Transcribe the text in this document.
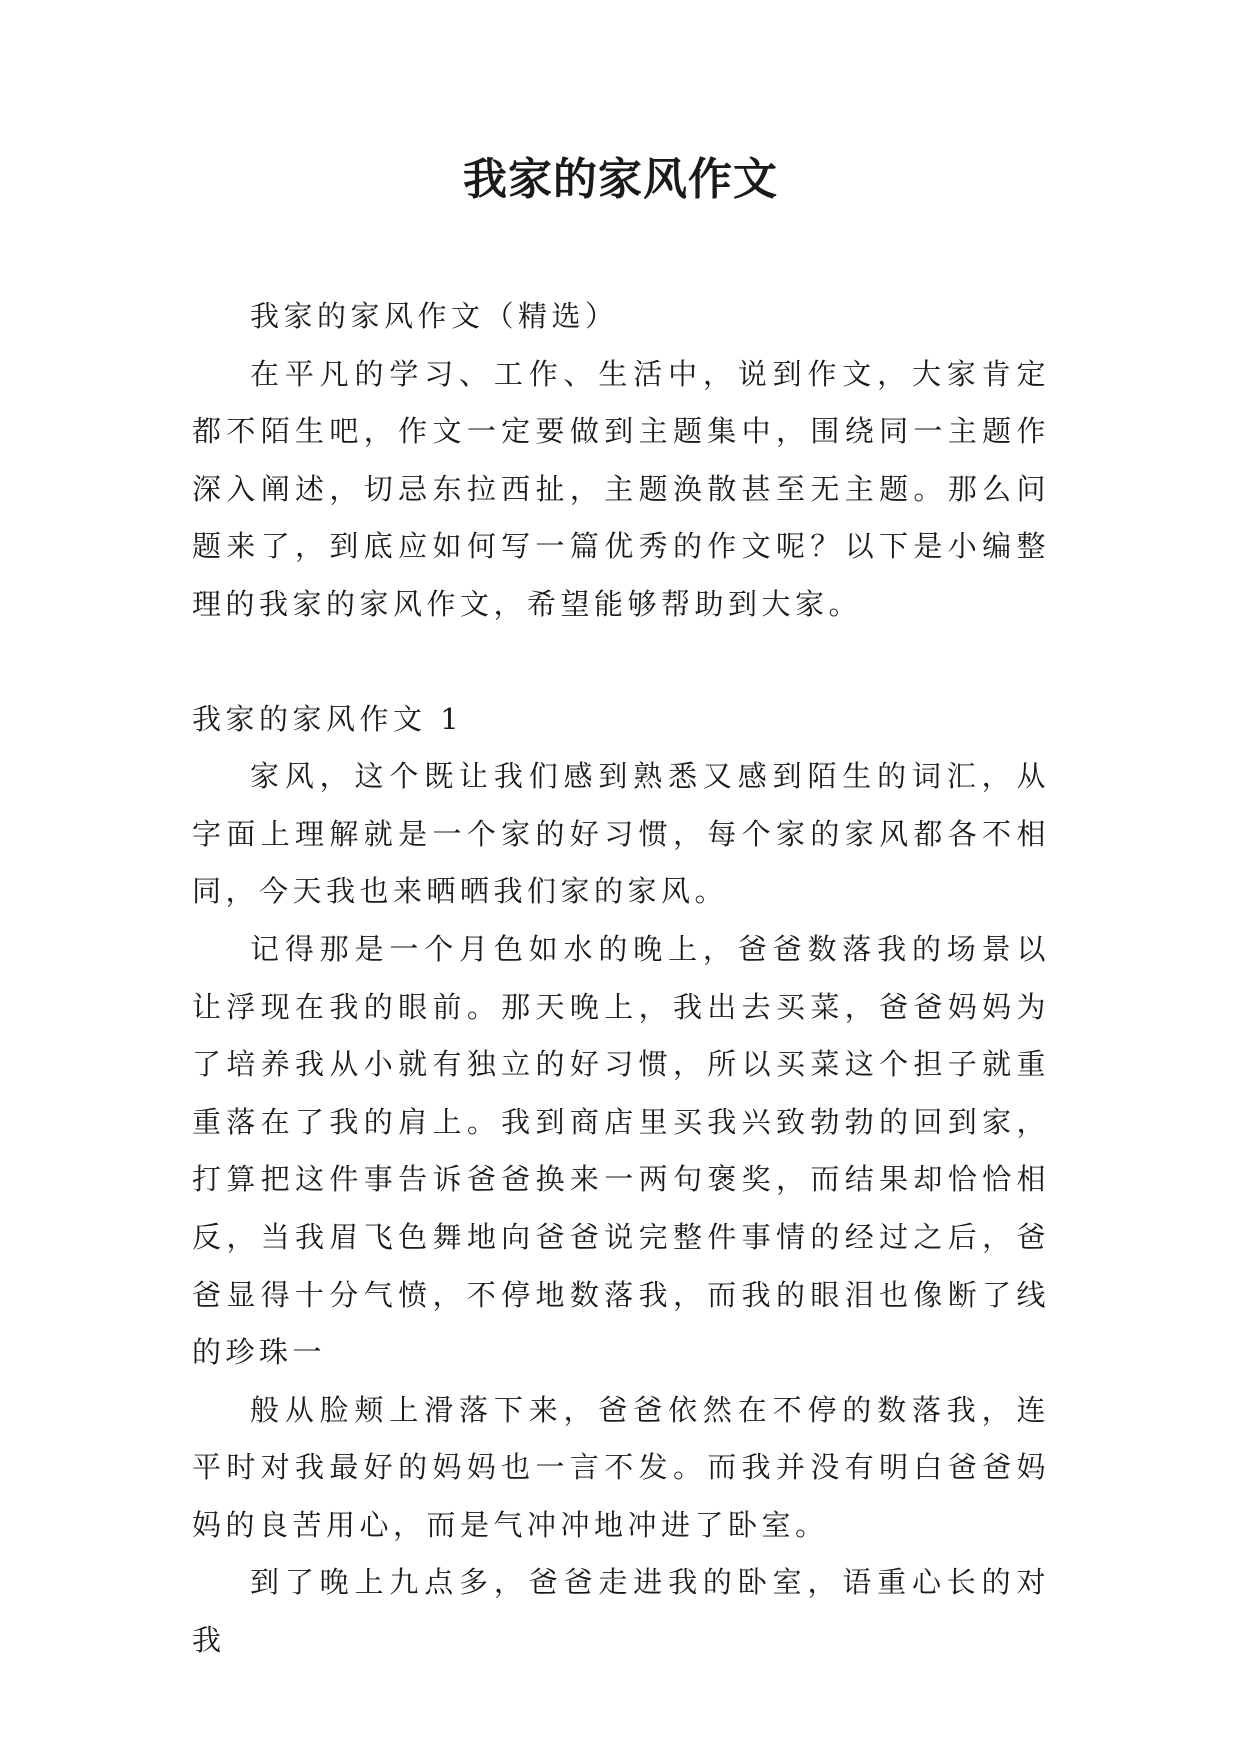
我家的家风作文

我家的家风作文（精选）

在平凡的学习、工作、生活中，说到作文，大家肯定都不陌生吧，作文一定要做到主题集中，围绕同一主题作深入阐述，切忌东拉西扯，主题涣散甚至无主题。那么问题来了，到底应如何写一篇优秀的作文呢？以下是小编整理的我家的家风作文，希望能够帮助到大家。

我家的家风作文 1

家风，这个既让我们感到熟悉又感到陌生的词汇，从字面上理解就是一个家的好习惯，每个家的家风都各不相同，今天我也来晒晒我们家的家风。

记得那是一个月色如水的晚上，爸爸数落我的场景以让浮现在我的眼前。那天晚上，我出去买菜，爸爸妈妈为了培养我从小就有独立的好习惯，所以买菜这个担子就重重落在了我的肩上。我到商店里买我兴致勃勃的回到家，打算把这件事告诉爸爸换来一两句褒奖，而结果却恰恰相反，当我眉飞色舞地向爸爸说完整件事情的经过之后，爸爸显得十分气愤，不停地数落我，而我的眼泪也像断了线的珍珠一

般从脸颊上滑落下来，爸爸依然在不停的数落我，连平时对我最好的妈妈也一言不发。而我并没有明白爸爸妈妈的良苦用心，而是气冲冲地冲进了卧室。

到了晚上九点多，爸爸走进我的卧室，语重心长的对我
